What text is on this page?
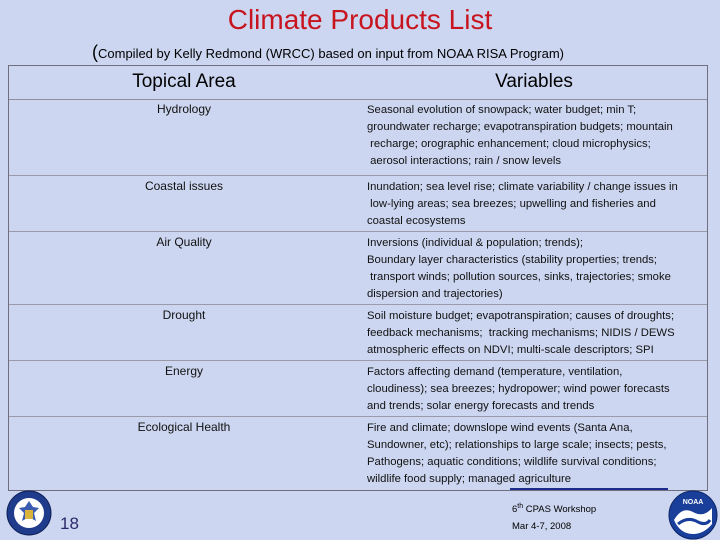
Climate Products List
(Compiled by Kelly Redmond (WRCC) based on input from NOAA RISA Program)
Topical Area	Variables
Hydrology	Seasonal evolution of snowpack; water budget; min T;
groundwater recharge; evapotranspiration budgets; mountain
recharge; orographic enhancement; cloud microphysics;
aerosol interactions; rain / snow levels
Coastal issues	Inundation; sea level rise; climate variability / change issues in
low-lying areas; sea breezes; upwelling and fisheries and
coastal ecosystems
Air Quality	Inversions (individual & population; trends);
Boundary layer characteristics (stability properties; trends;
transport winds; pollution sources, sinks, trajectories; smoke
dispersion and trajectories)
Drought	Soil moisture budget; evapotranspiration; causes of droughts;
feedback mechanisms;  tracking mechanisms; NIDIS / DEWS
atmospheric effects on NDVI; multi-scale descriptors; SPI
Energy	Factors affecting demand (temperature, ventilation,
cloudiness); sea breezes; hydropower; wind power forecasts
and trends; solar energy forecasts and trends
Ecological Health	Fire and climate; downslope wind events (Santa Ana,
Sundowner, etc); relationships to large scale; insects; pests,
Pathogens; aquatic conditions; wildlife survival conditions;
wildlife food supply; managed agriculture
18
6th CPAS Workshop
Mar 4-7, 2008
NOAA
